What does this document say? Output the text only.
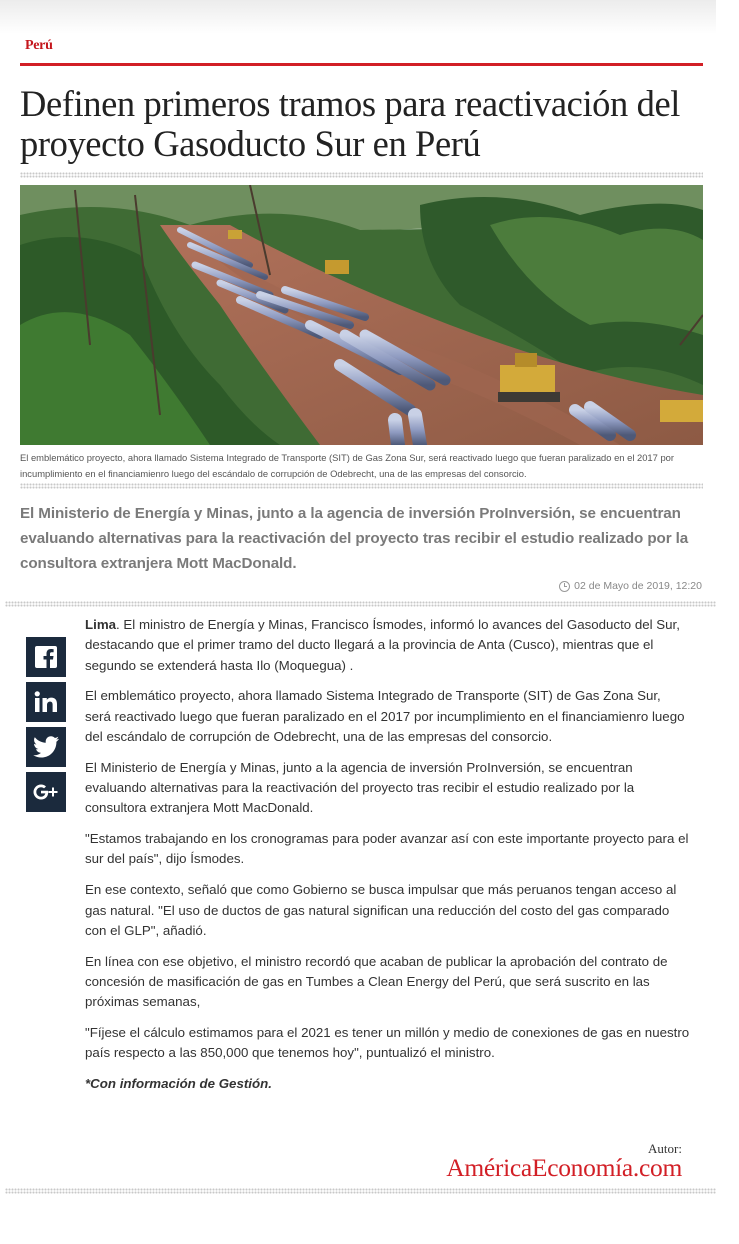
Perú
Definen primeros tramos para reactivación del proyecto Gasoducto Sur en Perú

El emblemático proyecto, ahora llamado Sistema Integrado de Transporte (SIT) de Gas Zona Sur, será reactivado luego que fueran paralizado en el 2017 por incumplimiento en el financiamienro luego del escándalo de corrupción de Odebrecht, una de las empresas del consorcio.

El Ministerio de Energía y Minas, junto a la agencia de inversión ProInversión, se encuentran evaluando alternativas para la reactivación del proyecto tras recibir el estudio realizado por la consultora extranjera Mott MacDonald.

02 de Mayo de 2019, 12:20

Lima. El ministro de Energía y Minas, Francisco Ísmodes, informó lo avances del Gasoducto del Sur, destacando que el primer tramo del ducto llegará a la provincia de Anta (Cusco), mientras que el segundo se extenderá hasta Ilo (Moquegua) .

El emblemático proyecto, ahora llamado Sistema Integrado de Transporte (SIT) de Gas Zona Sur, será reactivado luego que fueran paralizado en el 2017 por incumplimiento en el financiamienro luego del escándalo de corrupción de Odebrecht, una de las empresas del consorcio.

El Ministerio de Energía y Minas, junto a la agencia de inversión ProInversión, se encuentran evaluando alternativas para la reactivación del proyecto tras recibir el estudio realizado por la consultora extranjera Mott MacDonald.

"Estamos trabajando en los cronogramas para poder avanzar así con este importante proyecto para el sur del país", dijo Ísmodes.

En ese contexto, señaló que como Gobierno se busca impulsar que más peruanos tengan acceso al gas natural. "El uso de ductos de gas natural significan una reducción del costo del gas comparado con el GLP", añadió.

En línea con ese objetivo, el ministro recordó que acaban de publicar la aprobación del contrato de concesión de masificación de gas en Tumbes a Clean Energy del Perú, que será suscrito en las próximas semanas,

"Fíjese el cálculo estimamos para el 2021 es tener un millón y medio de conexiones de gas en nuestro país respecto a las 850,000 que tenemos hoy", puntualizó el ministro.

*Con información de Gestión.

Autor:
AméricaEconomía.com
